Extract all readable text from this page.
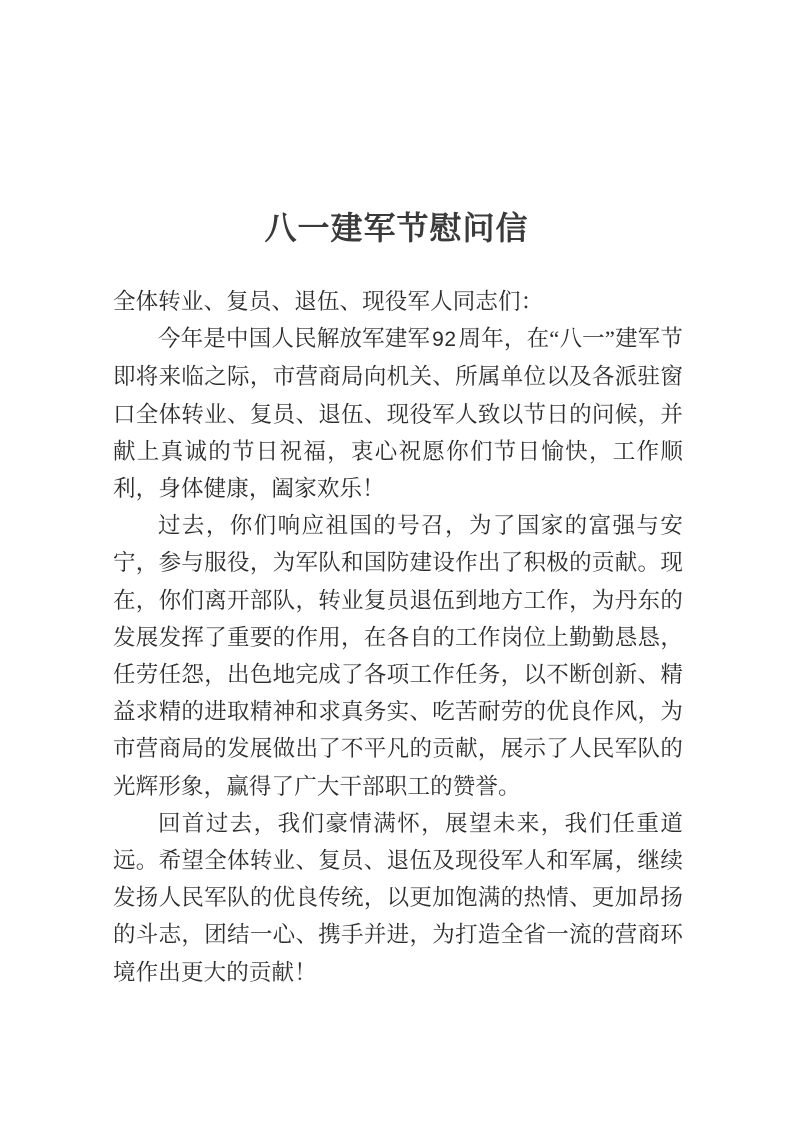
八一建军节慰问信

全体转业、复员、退伍、现役军人同志们：

今年是中国人民解放军建军92周年，在“八一”建军节即将来临之际，市营商局向机关、所属单位以及各派驻窗口全体转业、复员、退伍、现役军人致以节日的问候，并献上真诚的节日祝福，衷心祝愿你们节日愉快，工作顺利，身体健康，阖家欢乐！

过去，你们响应祖国的号召，为了国家的富强与安宁，参与服役，为军队和国防建设作出了积极的贡献。现在，你们离开部队，转业复员退伍到地方工作，为丹东的发展发挥了重要的作用，在各自的工作岗位上勤勤恳恳，任劳任怨，出色地完成了各项工作任务，以不断创新、精益求精的进取精神和求真务实、吃苦耐劳的优良作风，为市营商局的发展做出了不平凡的贡献，展示了人民军队的光辉形象，赢得了广大干部职工的赞誉。

回首过去，我们豪情满怀，展望未来，我们任重道远。希望全体转业、复员、退伍及现役军人和军属，继续发扬人民军队的优良传统，以更加饱满的热情、更加昂扬的斗志，团结一心、携手并进，为打造全省一流的营商环境作出更大的贡献！
